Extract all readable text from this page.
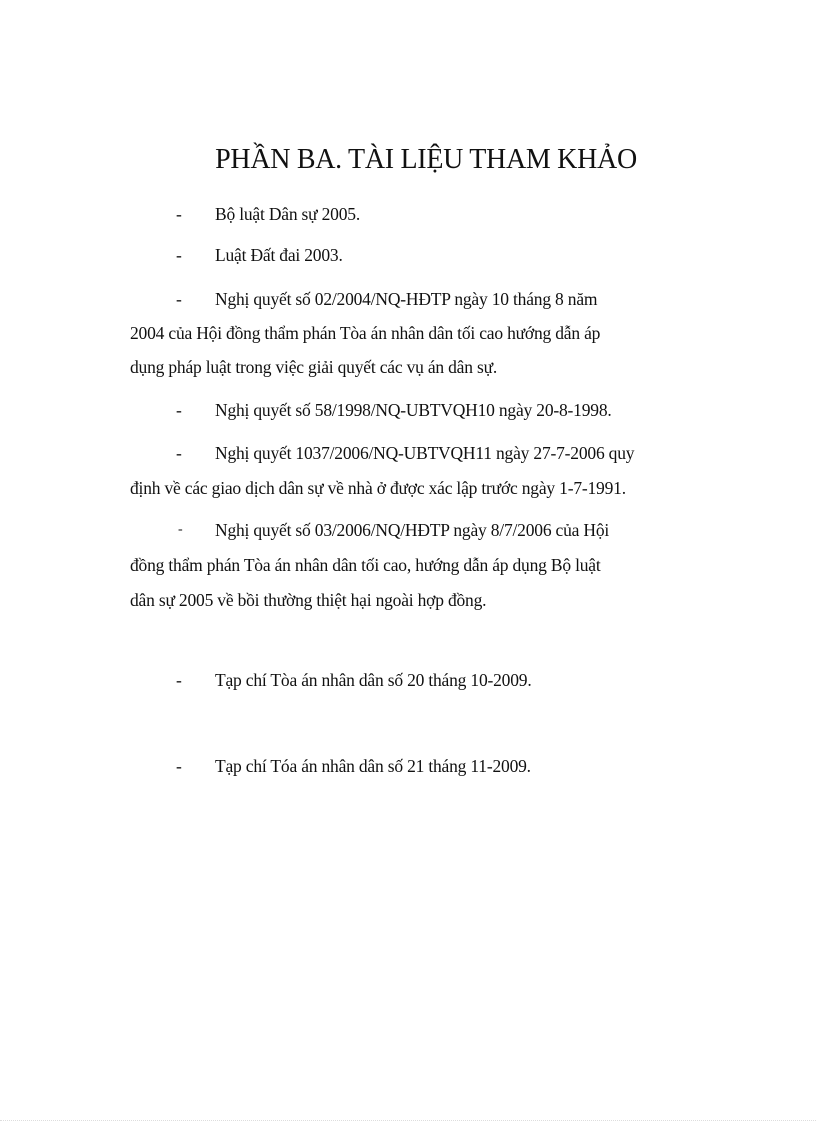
PHẦN BA. TÀI LIỆU THAM KHẢO
- Bộ luật Dân sự 2005.
- Luật Đất đai 2003.
- Nghị quyết số 02/2004/NQ-HĐTP ngày 10 tháng 8 năm
2004 của Hội đồng thẩm phán Tòa án nhân dân tối cao hướng dẫn áp
dụng pháp luật trong việc giải quyết các vụ án dân sự.
- Nghị quyết số 58/1998/NQ-UBTVQH10 ngày 20-8-1998.
- Nghị quyết 1037/2006/NQ-UBTVQH11 ngày 27-7-2006 quy
định về các giao dịch dân sự về nhà ở được xác lập trước ngày 1-7-1991.
- Nghị quyết số 03/2006/NQ/HĐTP ngày 8/7/2006 của Hội
đồng thẩm phán Tòa án nhân dân tối cao, hướng dẫn áp dụng Bộ luật
dân sự 2005 về bồi thường thiệt hại ngoài hợp đồng.
- Tạp chí Tòa án nhân dân số 20 tháng 10-2009.
- Tạp chí Tóa án nhân dân số 21 tháng 11-2009.
